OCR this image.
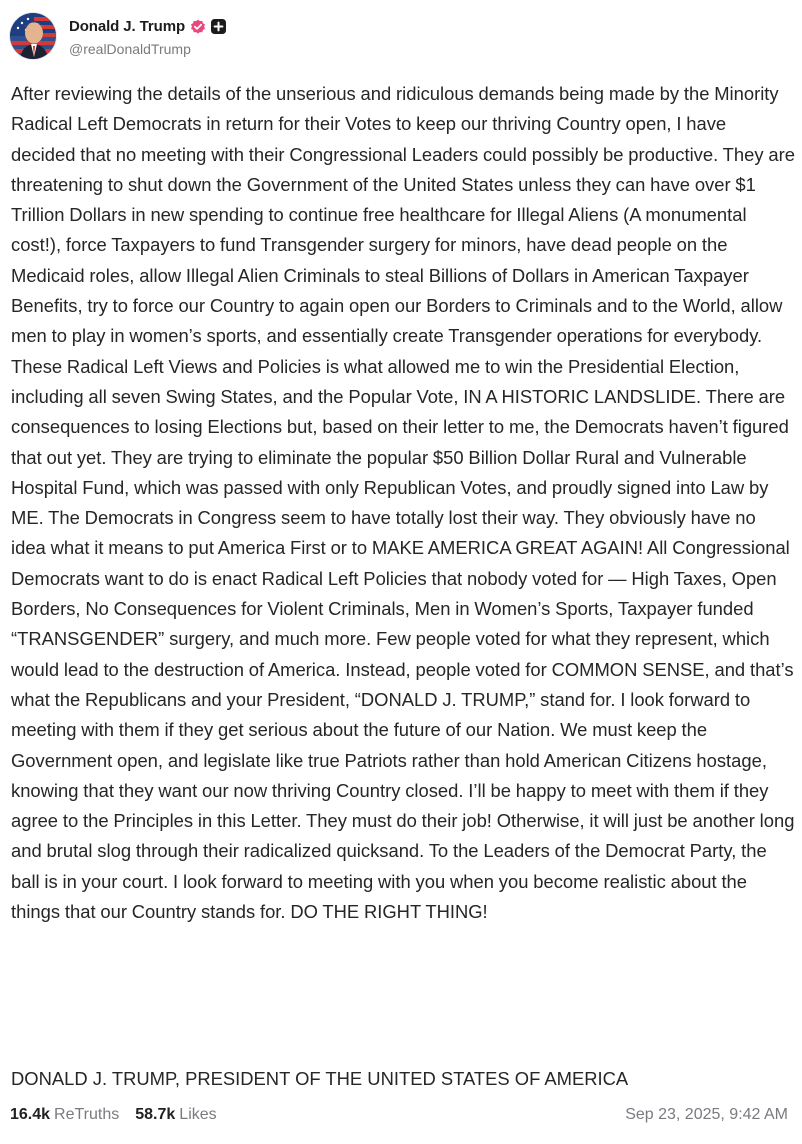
Donald J. Trump
@realDonaldTrump
After reviewing the details of the unserious and ridiculous demands being made by the Minority Radical Left Democrats in return for their Votes to keep our thriving Country open, I have decided that no meeting with their Congressional Leaders could possibly be productive. They are threatening to shut down the Government of the United States unless they can have over $1 Trillion Dollars in new spending to continue free healthcare for Illegal Aliens (A monumental cost!), force Taxpayers to fund Transgender surgery for minors, have dead people on the Medicaid roles, allow Illegal Alien Criminals to steal Billions of Dollars in American Taxpayer Benefits, try to force our Country to again open our Borders to Criminals and to the World, allow men to play in women’s sports, and essentially create Transgender operations for everybody. These Radical Left Views and Policies is what allowed me to win the Presidential Election, including all seven Swing States, and the Popular Vote, IN A HISTORIC LANDSLIDE. There are consequences to losing Elections but, based on their letter to me, the Democrats haven’t figured that out yet. They are trying to eliminate the popular $50 Billion Dollar Rural and Vulnerable Hospital Fund, which was passed with only Republican Votes, and proudly signed into Law by ME. The Democrats in Congress seem to have totally lost their way. They obviously have no idea what it means to put America First or to MAKE AMERICA GREAT AGAIN! All Congressional Democrats want to do is enact Radical Left Policies that nobody voted for — High Taxes, Open Borders, No Consequences for Violent Criminals, Men in Women’s Sports, Taxpayer funded “TRANSGENDER” surgery, and much more. Few people voted for what they represent, which would lead to the destruction of America. Instead, people voted for COMMON SENSE, and that’s what the Republicans and your President, “DONALD J. TRUMP,” stand for. I look forward to meeting with them if they get serious about the future of our Nation. We must keep the Government open, and legislate like true Patriots rather than hold American Citizens hostage, knowing that they want our now thriving Country closed. I’ll be happy to meet with them if they agree to the Principles in this Letter. They must do their job! Otherwise, it will just be another long and brutal slog through their radicalized quicksand. To the Leaders of the Democrat Party, the ball is in your court. I look forward to meeting with you when you become realistic about the things that our Country stands for. DO THE RIGHT THING!
DONALD J. TRUMP, PRESIDENT OF THE UNITED STATES OF AMERICA
16.4k ReTruths 58.7k Likes	Sep 23, 2025, 9:42 AM
